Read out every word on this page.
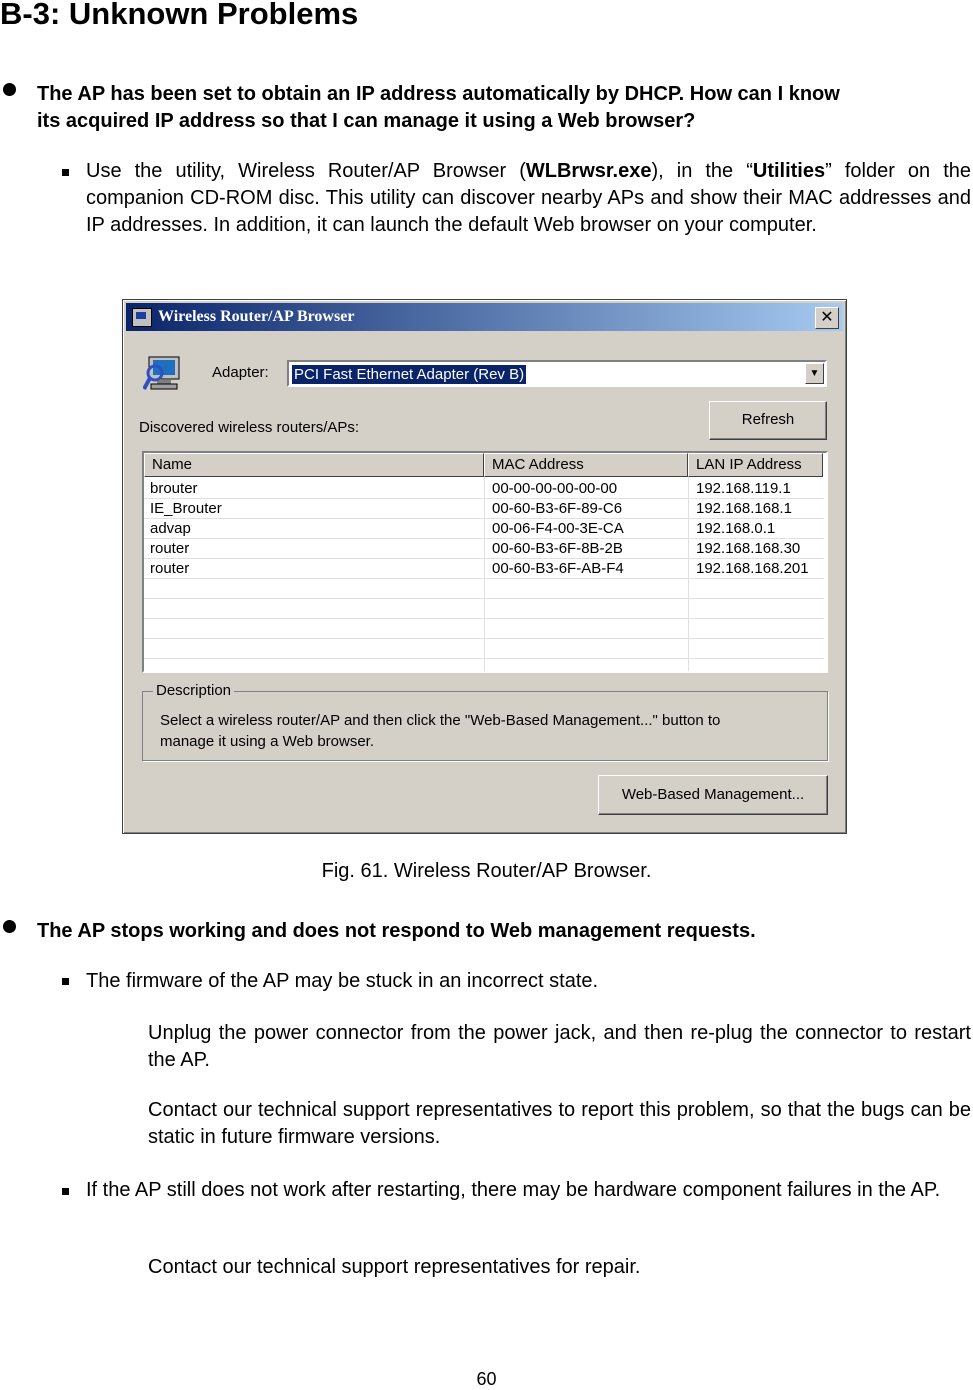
B-3: Unknown Problems
The AP has been set to obtain an IP address automatically by DHCP. How can I know
its acquired IP address so that I can manage it using a Web browser?
Use the utility, Wireless Router/AP Browser (WLBrwsr.exe), in the “Utilities” folder on the companion CD-ROM disc. This utility can discover nearby APs and show their MAC addresses and IP addresses. In addition, it can launch the default Web browser on your computer.
Wireless Router/AP Browser	✕
Adapter: PCI Fast Ethernet Adapter (Rev B)	▼
Refresh
Discovered wireless routers/APs:
Name	MAC Address	LAN IP Address
brouter	00-00-00-00-00-00	192.168.119.1
IE_Brouter	00-60-B3-6F-89-C6	192.168.168.1
advap	00-06-F4-00-3E-CA	192.168.0.1
router	00-60-B3-6F-8B-2B	192.168.168.30
router	00-60-B3-6F-AB-F4	192.168.168.201
Description
Select a wireless router/AP and then click the "Web-Based Management..." button to
manage it using a Web browser.
Web-Based Management...
Fig. 61. Wireless Router/AP Browser.
The AP stops working and does not respond to Web management requests.
The firmware of the AP may be stuck in an incorrect state.
Unplug the power connector from the power jack, and then re-plug the connector to restart the AP.
Contact our technical support representatives to report this problem, so that the bugs can be static in future firmware versions.
If the AP still does not work after restarting, there may be hardware component failures in the AP.
Contact our technical support representatives for repair.
60
